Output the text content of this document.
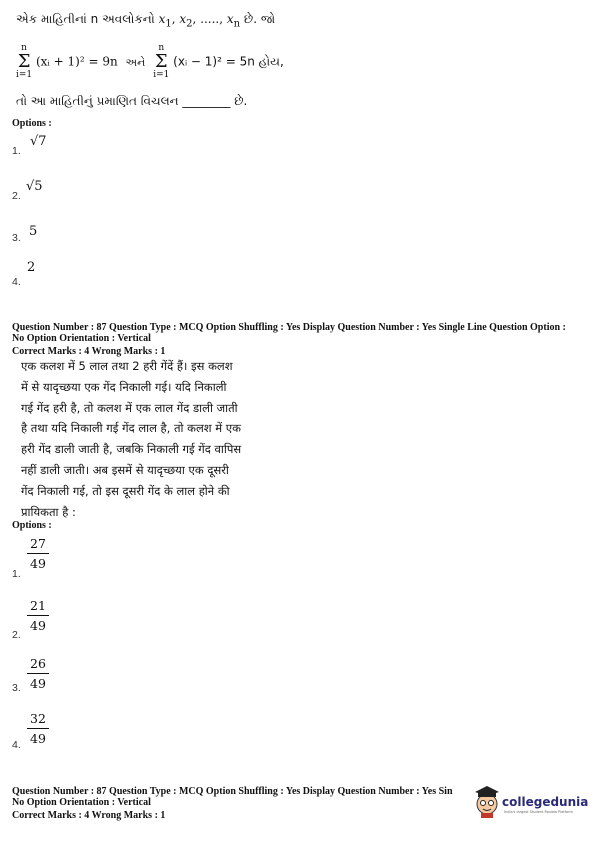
એક માહિતીનાં n અવલોકનો $x_1$, $x_2$, ....., $x_n$ છે. જો
n
Σ
i=1
(xᵢ + 1)² = 9n અને
n
Σ
i=1
(xᵢ − 1)² = 5n હોય,
તો આ માહિતીનું પ્રમાણિત વિચલન ________ છે.
Options :
1.
√7
2.
√5
3. 5
4.
2
Question Number : 87 Question Type : MCQ Option Shuffling : Yes Display Question Number : Yes Single Line Question Option :
No Option Orientation : Vertical
Correct Marks : 4 Wrong Marks : 1
एक कलश में 5 लाल तथा 2 हरी गेंदें हैं। इस कलश
में से यादृच्छया एक गेंद निकाली गई। यदि निकाली
गई गेंद हरी है, तो कलश में एक लाल गेंद डाली जाती
है तथा यदि निकाली गई गेंद लाल है, तो कलश में एक
हरी गेंद डाली जाती है, जबकि निकाली गई गेंद वापिस
नहीं डाली जाती। अब इसमें से यादृच्छया एक दूसरी
गेंद निकाली गई, तो इस दूसरी गेंद के लाल होने की
प्रायिकता है :
Options :
1.
$\frac{27}{49}$
2.
$\frac{21}{49}$
3. $\frac{26}{49}$
4. $\frac{32}{49}$
Question Number : 87 Question Type : MCQ Option Shuffling : Yes Display Question Number : Yes Sin
No Option Orientation : Vertical
Correct Marks : 4 Wrong Marks : 1
collegedunia
India's largest Student Review Platform
